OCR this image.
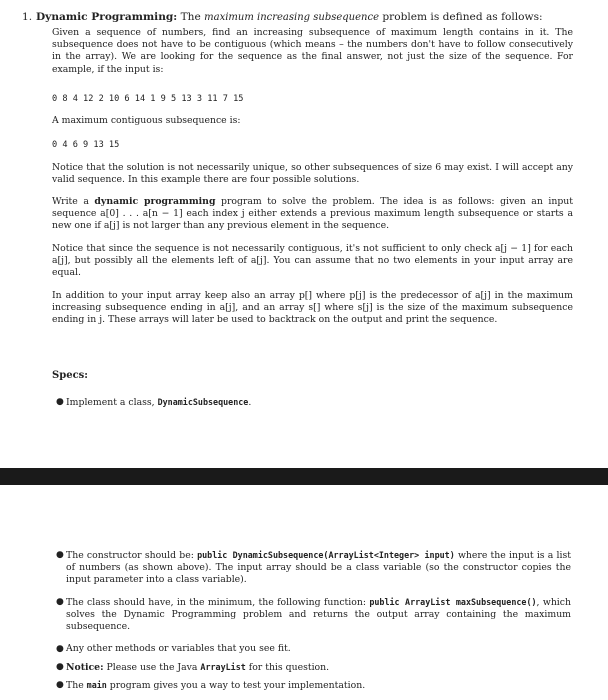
1. Dynamic Programming: The maximum increasing subsequence problem is defined as follows:
Given a sequence of numbers, find an increasing subsequence of maximum length contains in it. The subsequence does not have to be contiguous (which means – the numbers don't have to follow consecutively in the array). We are looking for the sequence as the final answer, not just the size of the sequence. For example, if the input is:
0 8 4 12 2 10 6 14 1 9 5 13 3 11 7 15
A maximum contiguous subsequence is:
0 4 6 9 13 15
Notice that the solution is not necessarily unique, so other subsequences of size 6 may exist. I will accept any valid sequence. In this example there are four possible solutions.
Write a dynamic programming program to solve the problem. The idea is as follows: given an input sequence a[0] . . . a[n − 1] each index j either extends a previous maximum length subsequence or starts a new one if a[j] is not larger than any previous element in the sequence.
Notice that since the sequence is not necessarily contiguous, it's not sufficient to only check a[j − 1] for each a[j], but possibly all the elements left of a[j]. You can assume that no two elements in your input array are equal.
In addition to your input array keep also an array p[] where p[j] is the predecessor of a[j] in the maximum increasing subsequence ending in a[j], and an array s[] where s[j] is the size of the maximum subsequence ending in j. These arrays will later be used to backtrack on the output and print the sequence.
Specs:
● Implement a class, DynamicSubsequence.
● The constructor should be: public DynamicSubsequence(ArrayList<Integer> input) where the input is a list of numbers (as shown above). The input array should be a class variable (so the constructor copies the input parameter into a class variable).
● The class should have, in the minimum, the following function: public ArrayList maxSubsequence(), which solves the Dynamic Programming problem and returns the output array containing the maximum subsequence.
● Any other methods or variables that you see fit.
● Notice: Please use the Java ArrayList for this question.
● The main program gives you a way to test your implementation.
